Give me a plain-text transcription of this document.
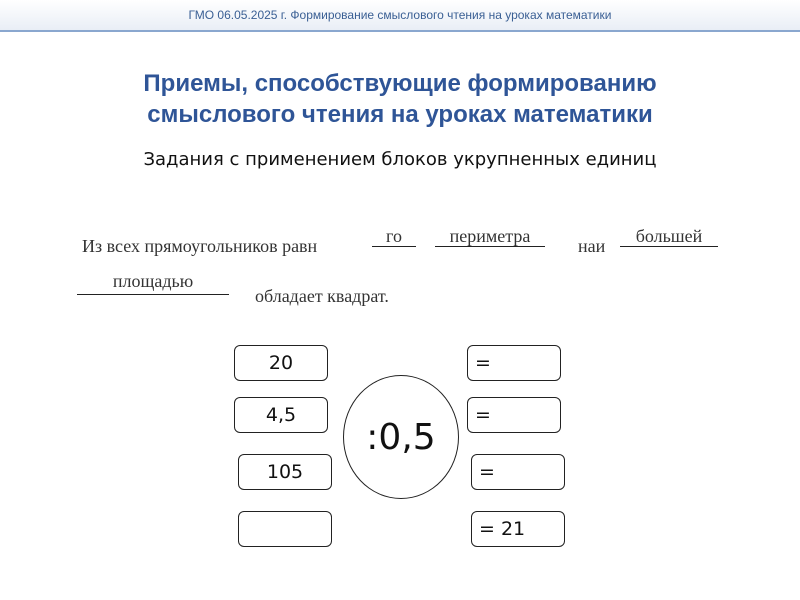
ГМО 06.05.2025 г. Формирование смыслового чтения на уроках математики
Приемы, способствующие формированию
смыслового чтения на уроках математики
Задания с применением блоков укрупненных единиц
Из всех прямоугольников равн	го	периметра	наи	большей
площадью
обладает квадрат.
20
4,5
105
:0,5
=
=
=
= 21
